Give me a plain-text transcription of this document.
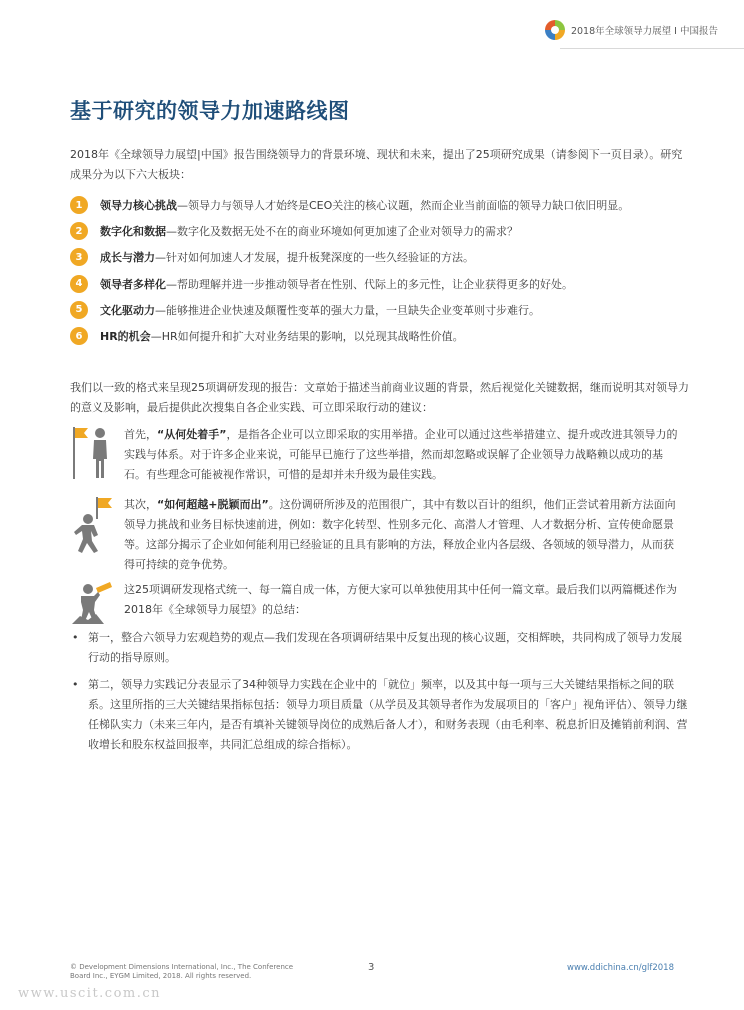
2018年全球领导力展望 I 中国报告
基于研究的领导力加速路线图

2018年《全球领导力展望|中国》报告围绕领导力的背景环境、现状和未来，提出了25项研究成果（请参阅下一页目录）。研究成果分为以下六大板块：

1	领导力核心挑战 —领导力与领导人才始终是CEO关注的核心议题，然而企业当前面临的领导力缺口依旧明显。
2	数字化和数据 —数字化及数据无处不在的商业环境如何更加速了企业对领导力的需求？
3	成长与潜力 —针对如何加速人才发展，提升板凳深度的一些久经验证的方法。
4	领导者多样化 —帮助理解并进一步推动领导者在性别、代际上的多元性，让企业获得更多的好处。
5	文化驱动力 —能够推进企业快速及颠覆性变革的强大力量，一旦缺失企业变革则寸步难行。
6	HR的机会 —HR如何提升和扩大对业务结果的影响，以兑现其战略性价值。

我们以一致的格式来呈现25项调研发现的报告：文章始于描述当前商业议题的背景，然后视觉化关键数据，继而说明其对领导力的意义及影响，最后提供此次搜集自各企业实践、可立即采取行动的建议：

首先，“从何处着手”，是指各企业可以立即采取的实用举措。企业可以通过这些举措建立、提升或改进其领导力的实践与体系。对于许多企业来说，可能早已施行了这些举措，然而却忽略或误解了企业领导力战略赖以成功的基石。有些理念可能被视作常识，可惜的是却并未升级为最佳实践。

其次，“如何超越+脱颖而出”。这份调研所涉及的范围很广，其中有数以百计的组织，他们正尝试着用新方法面向领导力挑战和业务目标快速前进，例如：数字化转型、性别多元化、高潜人才管理、人才数据分析、宣传使命愿景等。这部分揭示了企业如何能利用已经验证的且具有影响的方法，释放企业内各层级、各领域的领导潜力，从而获得可持续的竞争优势。

这25项调研发现格式统一、每一篇自成一体，方便大家可以单独使用其中任何一篇文章。最后我们以两篇概述作为 2018年《全球领导力展望》的总结：

• 第一，整合六领导力宏观趋势的观点—我们发现在各项调研结果中反复出现的核心议题，交相辉映，共同构成了领导力发展行动的指导原则。
• 第二，领导力实践记分表显示了34种领导力实践在企业中的「就位」频率，以及其中每一项与三大关键结果指标之间的联系。这里所指的三大关键结果指标包括：领导力项目质量（从学员及其领导者作为发展项目的「客户」视角评估）、领导力继任梯队实力（未来三年内，是否有填补关键领导岗位的成熟后备人才），和财务表现（由毛利率、税息折旧及摊销前利润、营收增长和股东权益回报率，共同汇总组成的综合指标）。
© Development Dimensions International, Inc., The Conference
Board Inc., EYGM Limited, 2018. All rights reserved.
3	www.ddichina.cn/glf2018
www.uscit.com.cn
